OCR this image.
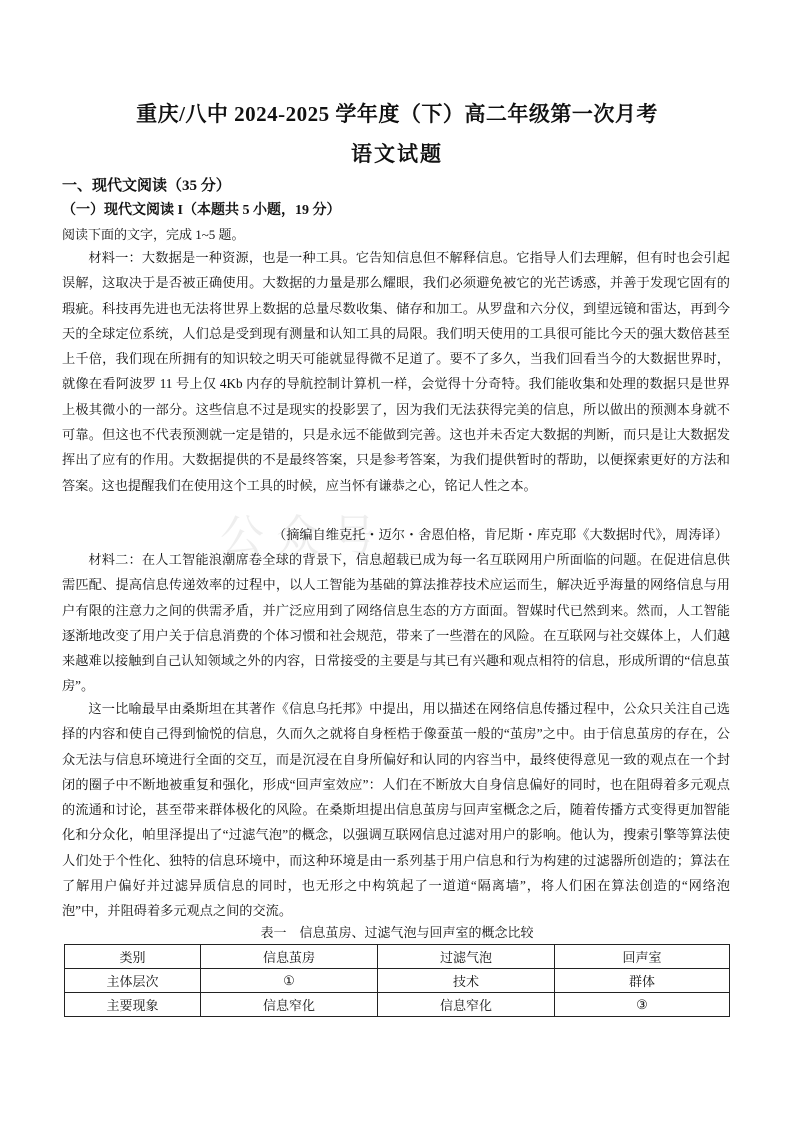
公众号
重庆/八中 2024-2025 学年度（下）高二年级第一次月考
语文试题
一、现代文阅读（35 分）
（一）现代文阅读 I（本题共 5 小题，19 分）
阅读下面的文字，完成 1~5 题。

材料一：大数据是一种资源，也是一种工具。它告知信息但不解释信息。它指导人们去理解，但有时也会引起误解，这取决于是否被正确使用。大数据的力量是那么耀眼，我们必须避免被它的光芒诱惑，并善于发现它固有的瑕疵。科技再先进也无法将世界上数据的总量尽数收集、储存和加工。从罗盘和六分仪，到望远镜和雷达，再到今天的全球定位系统，人们总是受到现有测量和认知工具的局限。我们明天使用的工具很可能比今天的强大数倍甚至上千倍，我们现在所拥有的知识较之明天可能就显得微不足道了。要不了多久，当我们回看当今的大数据世界时，就像在看阿波罗 11 号上仅 4Kb 内存的导航控制计算机一样，会觉得十分奇特。我们能收集和处理的数据只是世界上极其微小的一部分。这些信息不过是现实的投影罢了，因为我们无法获得完美的信息，所以做出的预测本身就不可靠。但这也不代表预测就一定是错的，只是永远不能做到完善。这也并未否定大数据的判断，而只是让大数据发挥出了应有的作用。大数据提供的不是最终答案，只是参考答案，为我们提供暂时的帮助，以便探索更好的方法和答案。这也提醒我们在使用这个工具的时候，应当怀有谦恭之心，铭记人性之本。

（摘编自维克托・迈尔・舍恩伯格，肯尼斯・库克耶《大数据时代》，周涛译）

材料二：在人工智能浪潮席卷全球的背景下，信息超载已成为每一名互联网用户所面临的问题。在促进信息供需匹配、提高信息传递效率的过程中，以人工智能为基础的算法推荐技术应运而生，解决近乎海量的网络信息与用户有限的注意力之间的供需矛盾，并广泛应用到了网络信息生态的方方面面。智媒时代已然到来。然而，人工智能逐渐地改变了用户关于信息消费的个体习惯和社会规范，带来了一些潜在的风险。在互联网与社交媒体上，人们越来越难以接触到自己认知领域之外的内容，日常接受的主要是与其已有兴趣和观点相符的信息，形成所谓的“信息茧房”。

这一比喻最早由桑斯坦在其著作《信息乌托邦》中提出，用以描述在网络信息传播过程中，公众只关注自己选择的内容和使自己得到愉悦的信息，久而久之就将自身桎梏于像蚕茧一般的“茧房”之中。由于信息茧房的存在，公众无法与信息环境进行全面的交互，而是沉浸在自身所偏好和认同的内容当中，最终使得意见一致的观点在一个封闭的圈子中不断地被重复和强化，形成“回声室效应”：人们在不断放大自身信息偏好的同时，也在阻碍着多元观点的流通和讨论，甚至带来群体极化的风险。在桑斯坦提出信息茧房与回声室概念之后，随着传播方式变得更加智能化和分众化，帕里泽提出了“过滤气泡”的概念，以强调互联网信息过滤对用户的影响。他认为，搜索引擎等算法使人们处于个性化、独特的信息环境中，而这种环境是由一系列基于用户信息和行为构建的过滤器所创造的；算法在了解用户偏好并过滤异质信息的同时，也无形之中构筑起了一道道“隔离墙”，将人们困在算法创造的“网络泡泡”中，并阻碍着多元观点之间的交流。

表一　信息茧房、过滤气泡与回声室的概念比较
类别	信息茧房	过滤气泡	回声室
主体层次	①	技术	群体
主要现象	信息窄化	信息窄化	③
